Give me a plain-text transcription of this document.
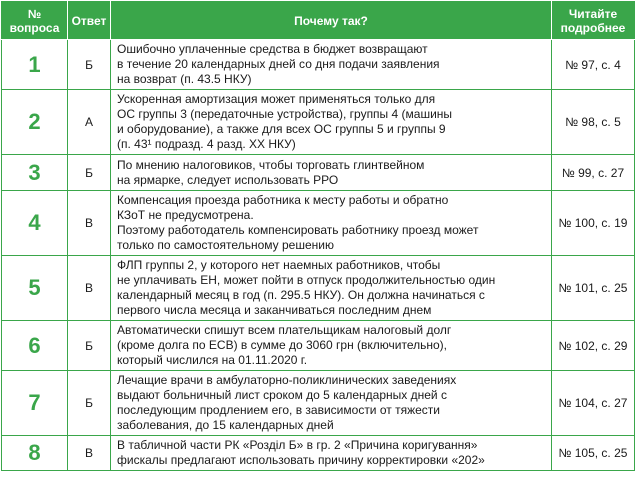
№ вопроса	Ответ	Почему так?	Читайте подробнее
1	Б	Ошибочно уплаченные средства в бюджет возвращают
в течение 20 календарных дней со дня подачи заявления
на возврат (п. 43.5 НКУ)	№ 97, с. 4
2	А	Ускоренная амортизация может применяться только для
ОС группы 3 (передаточные устройства), группы 4 (машины
и оборудование), а также для всех ОС группы 5 и группы 9
(п. 43¹ подразд. 4 разд. XX НКУ)	№ 98, с. 5
3	Б	По мнению налоговиков, чтобы торговать глинтвейном
на ярмарке, следует использовать РРО	№ 99, с. 27
4	В	Компенсация проезда работника к месту работы и обратно
КЗоТ не предусмотрена.
Поэтому работодатель компенсировать работнику проезд может
только по самостоятельному решению	№ 100, с. 19
5	В	ФЛП группы 2, у которого нет наемных работников, чтобы
не уплачивать ЕН, может пойти в отпуск продолжительностью один
календарный месяц в год (п. 295.5 НКУ). Он должна начинаться с
первого числа месяца и заканчиваться последним днем	№ 101, с. 25
6	Б	Автоматически спишут всем плательщикам налоговый долг
(кроме долга по ЕСВ) в сумме до 3060 грн (включительно),
который числился на 01.11.2020 г.	№ 102, с. 29
7	Б	Лечащие врачи в амбулаторно-поликлинических заведениях
выдают больничный лист сроком до 5 календарных дней с
последующим продлением его, в зависимости от тяжести
заболевания, до 15 календарных дней	№ 104, с. 27
8	В	В табличной части РК «Розділ Б» в гр. 2 «Причина коригування»
фискалы предлагают использовать причину корректировки «202»	№ 105, с. 25
